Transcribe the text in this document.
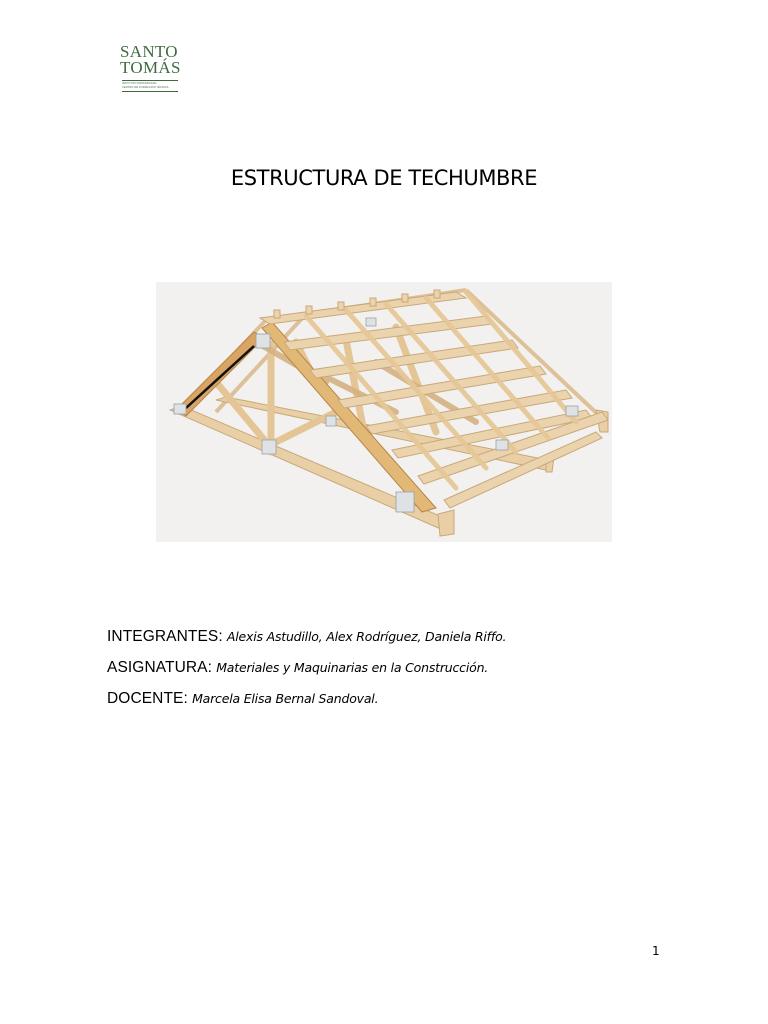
SANTO
TOMÁS
INSTITUTO PROFESIONAL
CENTRO DE FORMACIÓN TÉCNICA
ESTRUCTURA DE TECHUMBRE
INTEGRANTES: Alexis Astudillo, Alex Rodríguez, Daniela Riffo.
ASIGNATURA: Materiales y Maquinarias en la Construcción.
DOCENTE: Marcela Elisa Bernal Sandoval.
1
